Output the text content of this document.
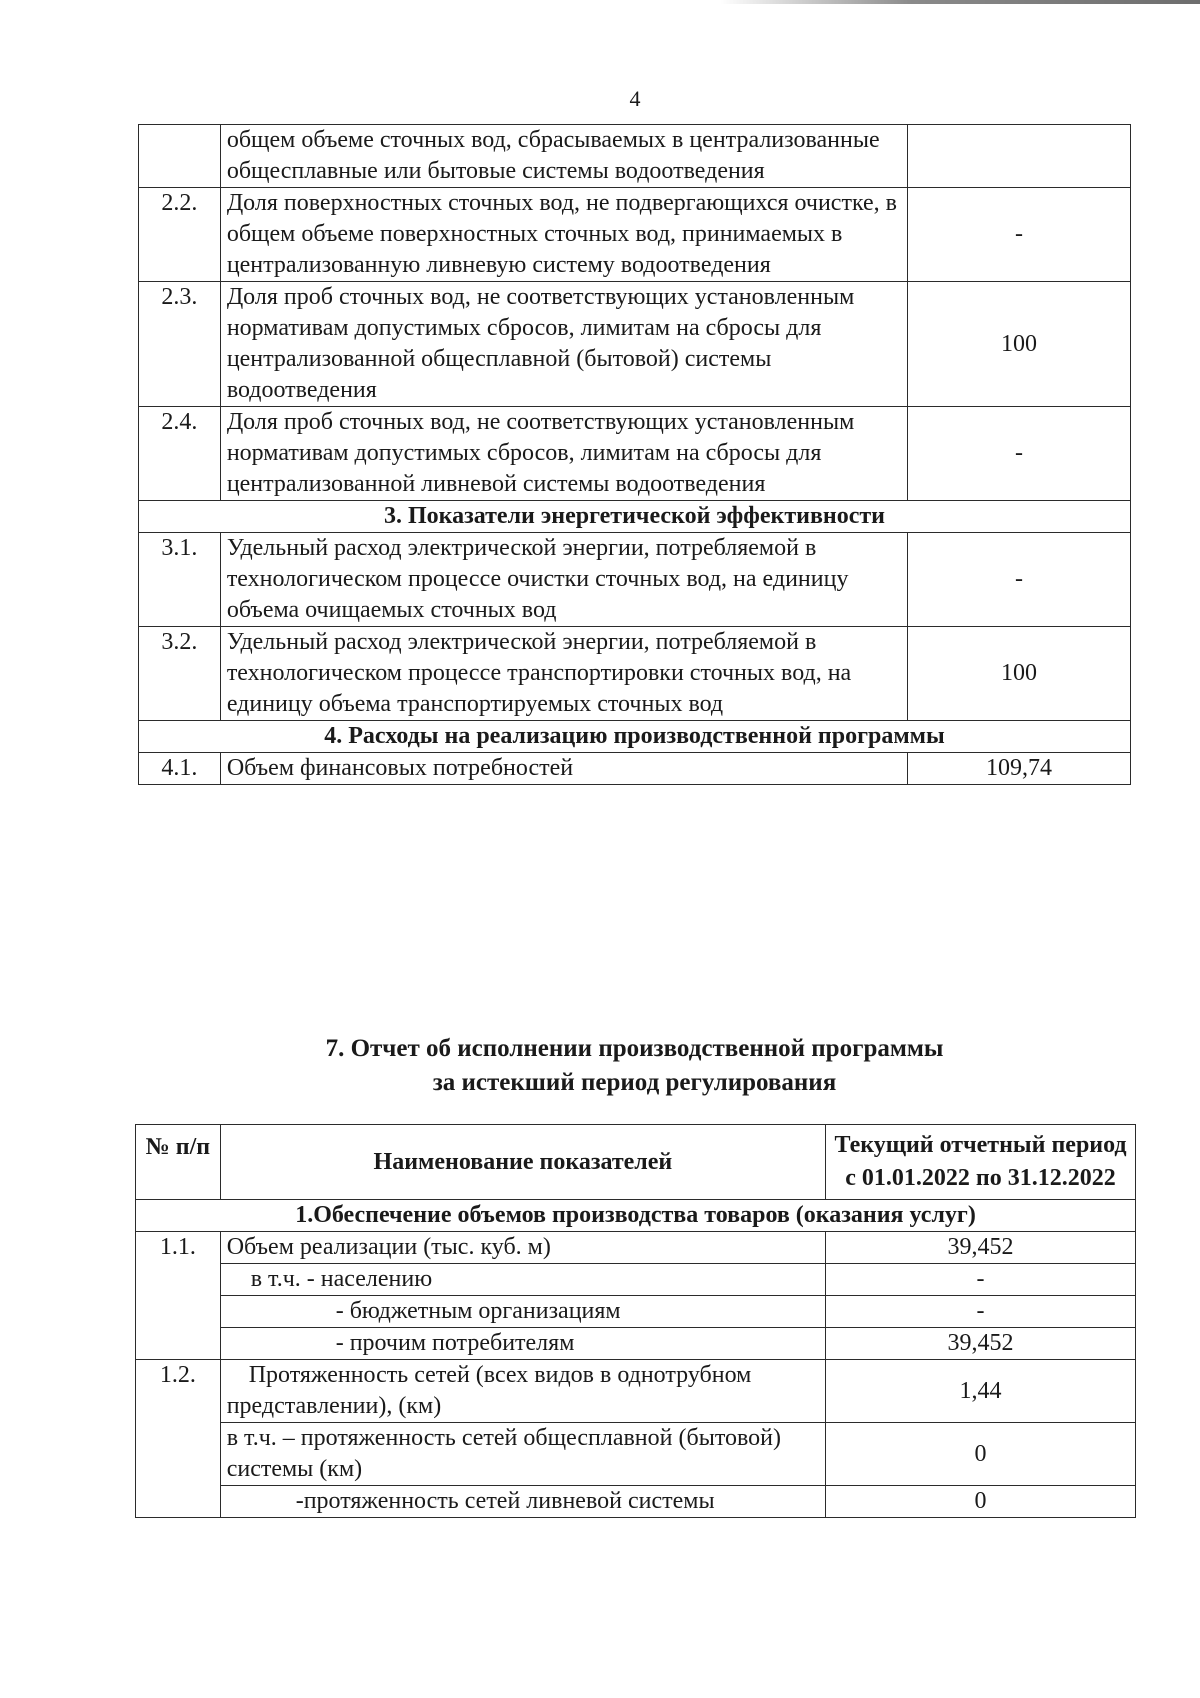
4
	общем объеме сточных вод, сбрасываемых в централизованные общесплавные или бытовые системы водоотведения	
2.2.	Доля поверхностных сточных вод, не подвергающихся очистке, в общем объеме поверхностных сточных вод, принимаемых в централизованную ливневую систему водоотведения	-
2.3.	Доля проб сточных вод, не соответствующих установленным нормативам допустимых сбросов, лимитам на сбросы для централизованной общесплавной (бытовой) системы водоотведения	100
2.4.	Доля проб сточных вод, не соответствующих установленным нормативам допустимых сбросов, лимитам на сбросы для централизованной ливневой системы водоотведения	-
3. Показатели энергетической эффективности		
3.1.	Удельный расход электрической энергии, потребляемой в технологическом процессе очистки сточных вод, на единицу объема очищаемых сточных вод	-
3.2.	Удельный расход электрической энергии, потребляемой в технологическом процессе транспортировки сточных вод, на единицу объема транспортируемых сточных вод	100
4. Расходы на реализацию производственной программы		
4.1.	Объем финансовых потребностей	109,74
7. Отчет об исполнении производственной программы
за истекший период регулирования
№ п/п	Наименование показателей	Текущий отчетный период с 01.01.2022 по 31.12.2022
1.Обеспечение объемов производства товаров (оказания услуг)		
1.1.	Объем реализации (тыс. куб. м)	39,452
	в т.ч. - населению	-
	- бюджетным организациям	-
	- прочим потребителям	39,452
1.2.	Протяженность сетей (всех видов в однотрубном представлении), (км)	1,44
	в т.ч. – протяженность сетей общесплавной (бытовой) системы (км)	0
	-протяженность сетей ливневой системы	0
